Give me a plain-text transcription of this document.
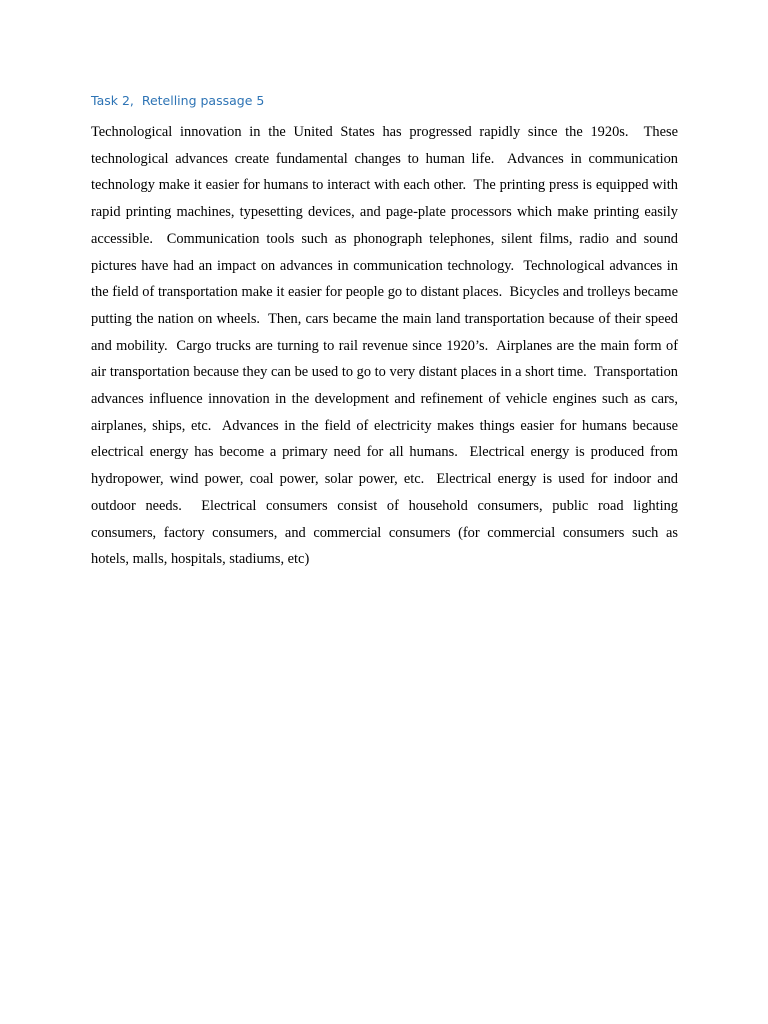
Task 2,  Retelling passage 5

Technological innovation in the United States has progressed rapidly since the 1920s.  These technological advances create fundamental changes to human life.  Advances in communication technology make it easier for humans to interact with each other.  The printing press is equipped with rapid printing machines, typesetting devices, and page-plate processors which make printing easily accessible.  Communication tools such as phonograph telephones, silent films, radio and sound pictures have had an impact on advances in communication technology.  Technological advances in the field of transportation make it easier for people go to distant places.  Bicycles and trolleys became putting the nation on wheels.  Then, cars became the main land transportation because of their speed and mobility.  Cargo trucks are turning to rail revenue since 1920’s.  Airplanes are the main form of air transportation because they can be used to go to very distant places in a short time.  Transportation advances influence innovation in the development and refinement of vehicle engines such as cars, airplanes, ships, etc.  Advances in the field of electricity makes things easier for humans because electrical energy has become a primary need for all humans.  Electrical energy is produced from hydropower, wind power, coal power, solar power, etc.  Electrical energy is used for indoor and outdoor needs.  Electrical consumers consist of household consumers, public road lighting consumers, factory consumers, and commercial consumers (for commercial consumers such as hotels, malls, hospitals, stadiums, etc)
